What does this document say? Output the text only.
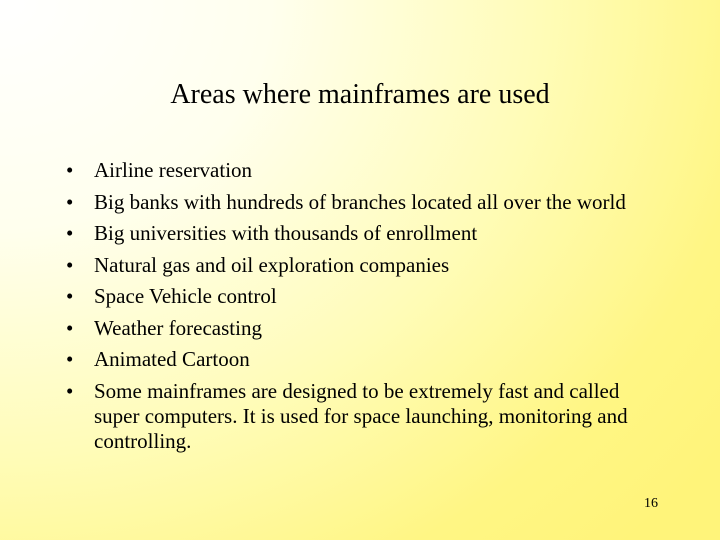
Areas where mainframes are used
• Airline reservation
• Big banks with hundreds of branches located all over the world
• Big universities with thousands of enrollment
• Natural gas and oil exploration companies
• Space Vehicle control
• Weather forecasting
• Animated Cartoon
• Some mainframes are designed to be extremely fast and called super computers. It is used for space launching, monitoring and controlling.
16
